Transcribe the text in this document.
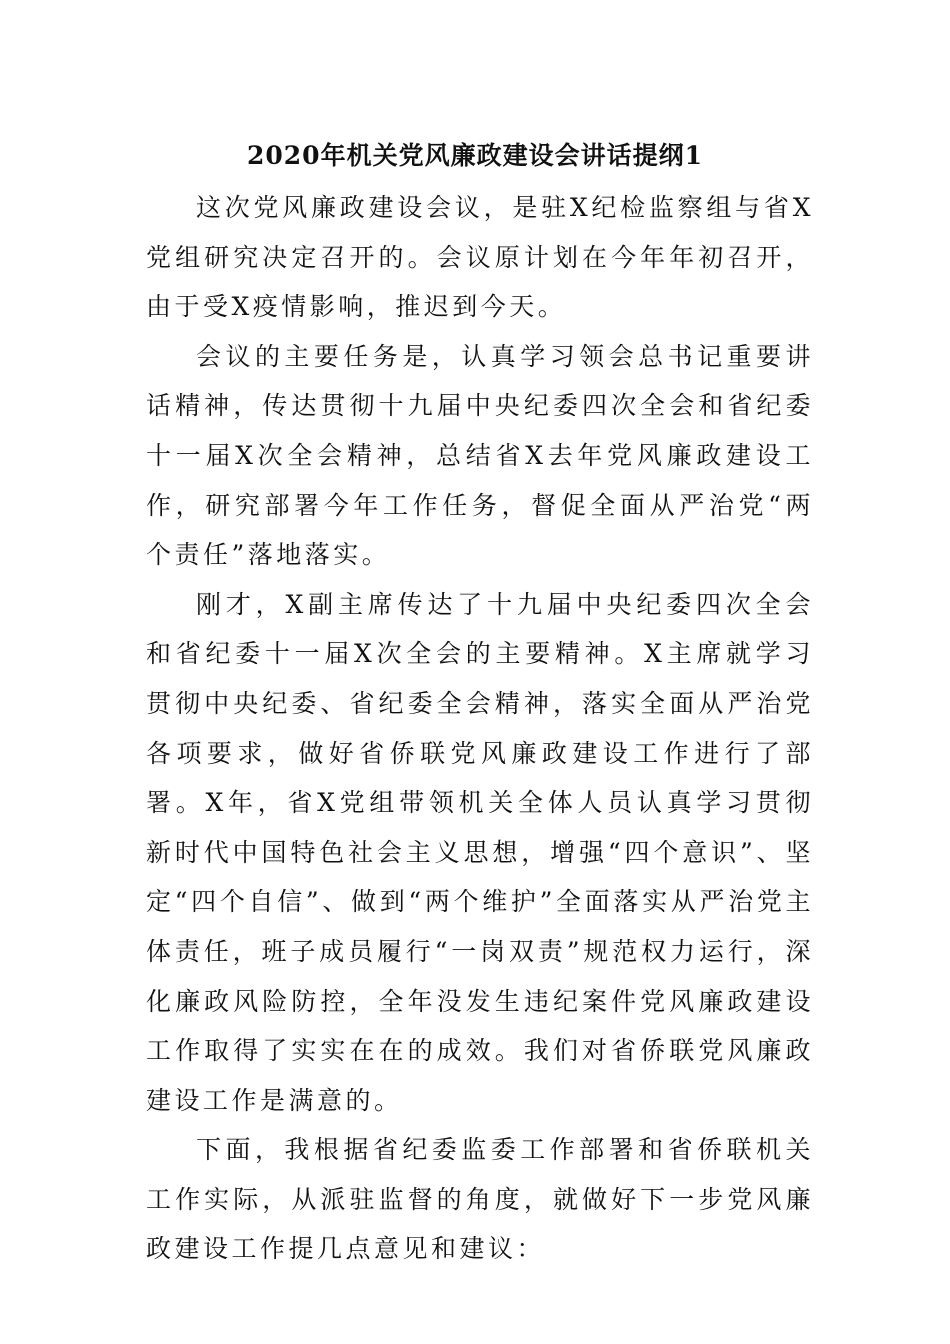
2020年机关党风廉政建设会讲话提纲1

这次党风廉政建设会议，是驻X纪检监察组与省X党组研究决定召开的。会议原计划在今年年初召开，由于受X疫情影响，推迟到今天。

会议的主要任务是，认真学习领会总书记重要讲话精神，传达贯彻十九届中央纪委四次全会和省纪委十一届X次全会精神，总结省X去年党风廉政建设工作，研究部署今年工作任务，督促全面从严治党“两个责任”落地落实。

刚才，X副主席传达了十九届中央纪委四次全会和省纪委十一届X次全会的主要精神。X主席就学习贯彻中央纪委、省纪委全会精神，落实全面从严治党各项要求，做好省侨联党风廉政建设工作进行了部署。X年，省X党组带领机关全体人员认真学习贯彻新时代中国特色社会主义思想，增强“四个意识”、坚定“四个自信”、做到“两个维护”全面落实从严治党主体责任，班子成员履行“一岗双责”规范权力运行，深化廉政风险防控，全年没发生违纪案件党风廉政建设工作取得了实实在在的成效。我们对省侨联党风廉政建设工作是满意的。

下面，我根据省纪委监委工作部署和省侨联机关工作实际，从派驻监督的角度，就做好下一步党风廉政建设工作提几点意见和建议：
